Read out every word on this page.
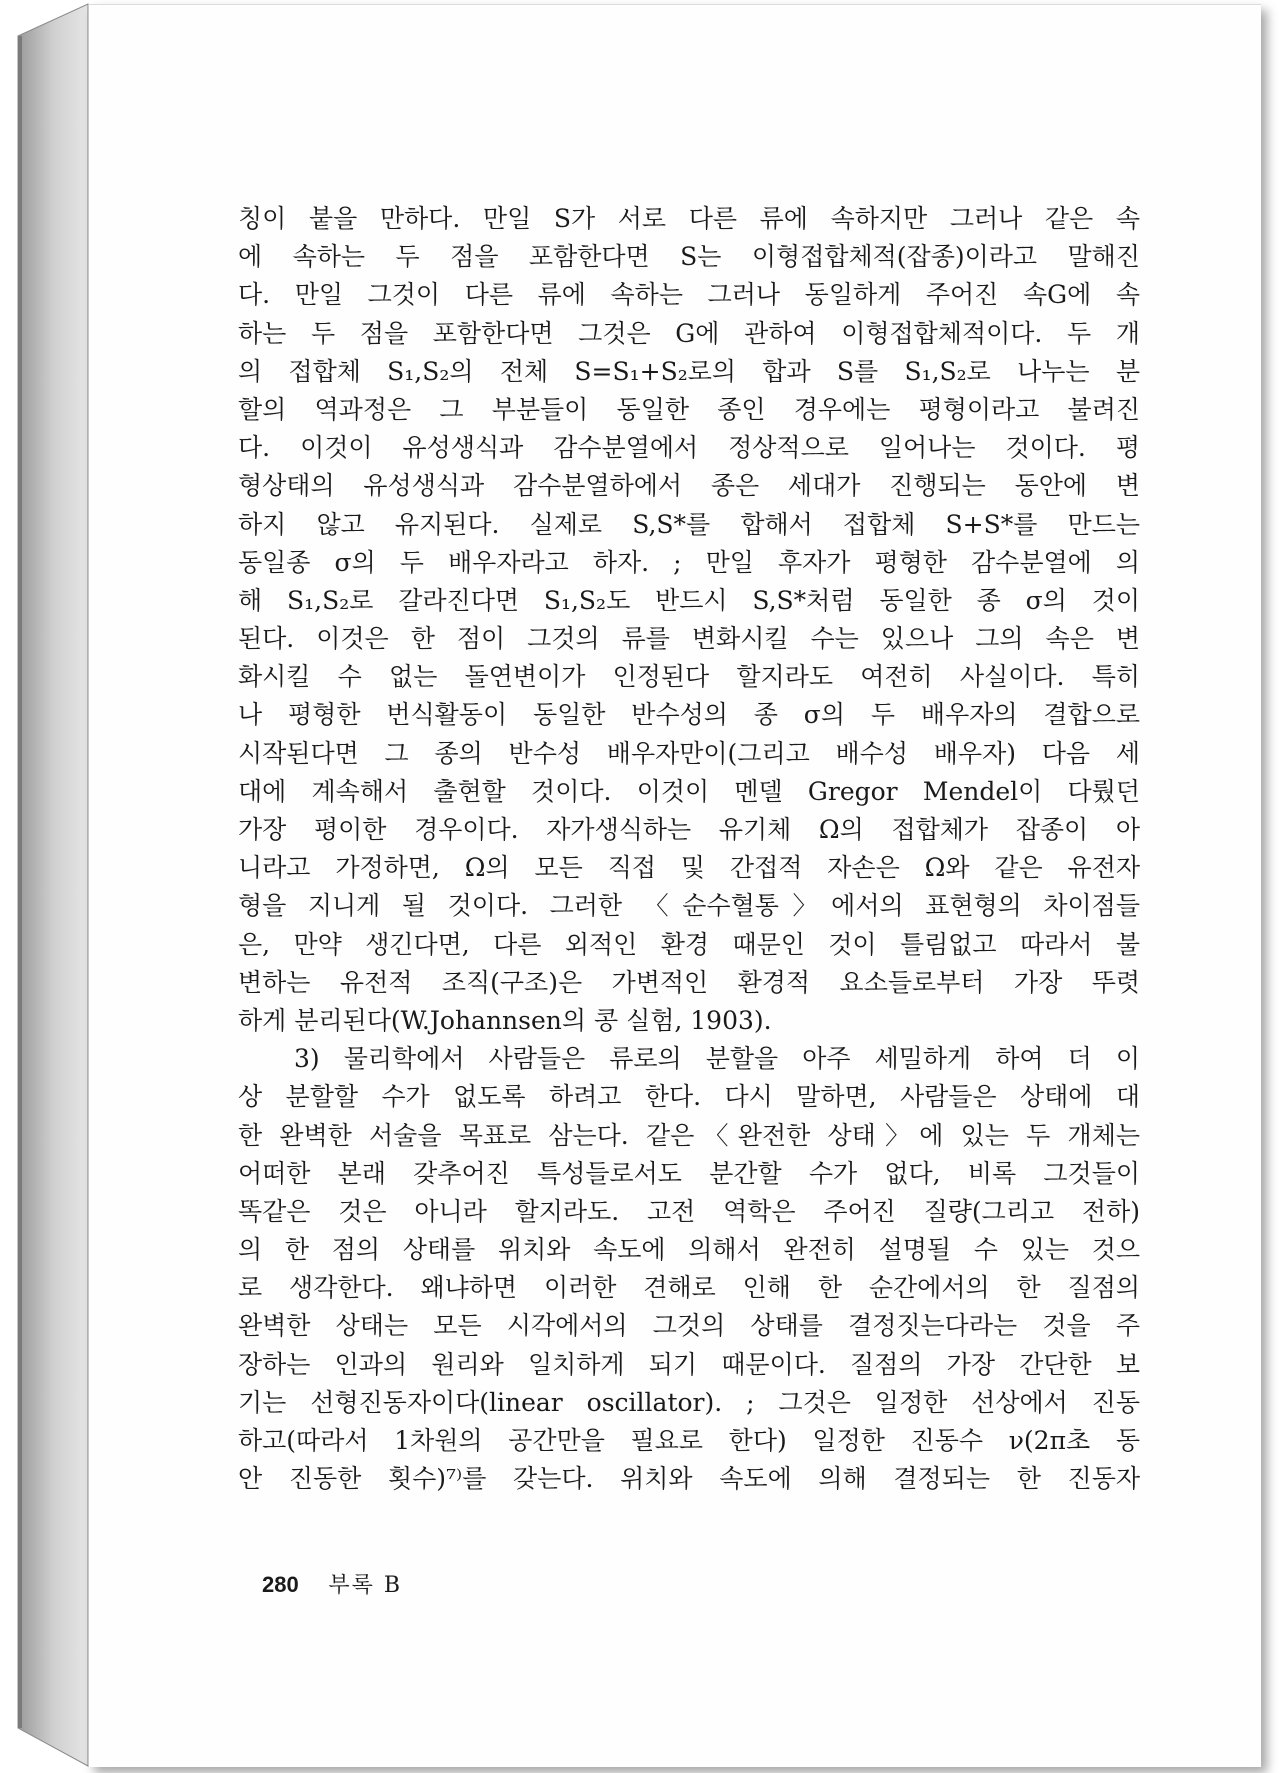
칭이 붙을 만하다. 만일 S가 서로 다른 류에 속하지만 그러나 같은 속
에 속하는 두 점을 포함한다면 S는 이형접합체적(잡종)이라고 말해진
다. 만일 그것이 다른 류에 속하는 그러나 동일하게 주어진 속G에 속
하는 두 점을 포함한다면 그것은 G에 관하여 이형접합체적이다. 두 개
의 접합체 S₁,S₂의 전체 S=S₁+S₂로의 합과 S를 S₁,S₂로 나누는 분
할의 역과정은 그 부분들이 동일한 종인 경우에는 평형이라고 불려진
다. 이것이 유성생식과 감수분열에서 정상적으로 일어나는 것이다. 평
형상태의 유성생식과 감수분열하에서 종은 세대가 진행되는 동안에 변
하지 않고 유지된다. 실제로 S,S*를 합해서 접합체 S+S*를 만드는
동일종 σ의 두 배우자라고 하자. ; 만일 후자가 평형한 감수분열에 의
해 S₁,S₂로 갈라진다면 S₁,S₂도 반드시 S,S*처럼 동일한 종 σ의 것이
된다. 이것은 한 점이 그것의 류를 변화시킬 수는 있으나 그의 속은 변
화시킬 수 없는 돌연변이가 인정된다 할지라도 여전히 사실이다. 특히
나 평형한 번식활동이 동일한 반수성의 종 σ의 두 배우자의 결합으로
시작된다면 그 종의 반수성 배우자만이(그리고 배수성 배우자) 다음 세
대에 계속해서 출현할 것이다. 이것이 멘델 Gregor Mendel이 다뤘던
가장 평이한 경우이다. 자가생식하는 유기체 Ω의 접합체가 잡종이 아
니라고 가정하면, Ω의 모든 직접 및 간접적 자손은 Ω와 같은 유전자
형을 지니게 될 것이다. 그러한 〈순수혈통〉에서의 표현형의 차이점들
은, 만약 생긴다면, 다른 외적인 환경 때문인 것이 틀림없고 따라서 불
변하는 유전적 조직(구조)은 가변적인 환경적 요소들로부터 가장 뚜렷
하게 분리된다(W.Johannsen의 콩 실험, 1903).
3) 물리학에서 사람들은 류로의 분할을 아주 세밀하게 하여 더 이
상 분할할 수가 없도록 하려고 한다. 다시 말하면, 사람들은 상태에 대
한 완벽한 서술을 목표로 삼는다. 같은〈완전한 상태〉에 있는 두 개체는
어떠한 본래 갖추어진 특성들로서도 분간할 수가 없다, 비록 그것들이
똑같은 것은 아니라 할지라도. 고전 역학은 주어진 질량(그리고 전하)
의 한 점의 상태를 위치와 속도에 의해서 완전히 설명될 수 있는 것으
로 생각한다. 왜냐하면 이러한 견해로 인해 한 순간에서의 한 질점의
완벽한 상태는 모든 시각에서의 그것의 상태를 결정짓는다라는 것을 주
장하는 인과의 원리와 일치하게 되기 때문이다. 질점의 가장 간단한 보
기는 선형진동자이다(linear oscillator). ; 그것은 일정한 선상에서 진동
하고(따라서 1차원의 공간만을 필요로 한다) 일정한 진동수 ν(2π초 동
안 진동한 횟수)⁷⁾를 갖는다. 위치와 속도에 의해 결정되는 한 진동자
280 부록 B
